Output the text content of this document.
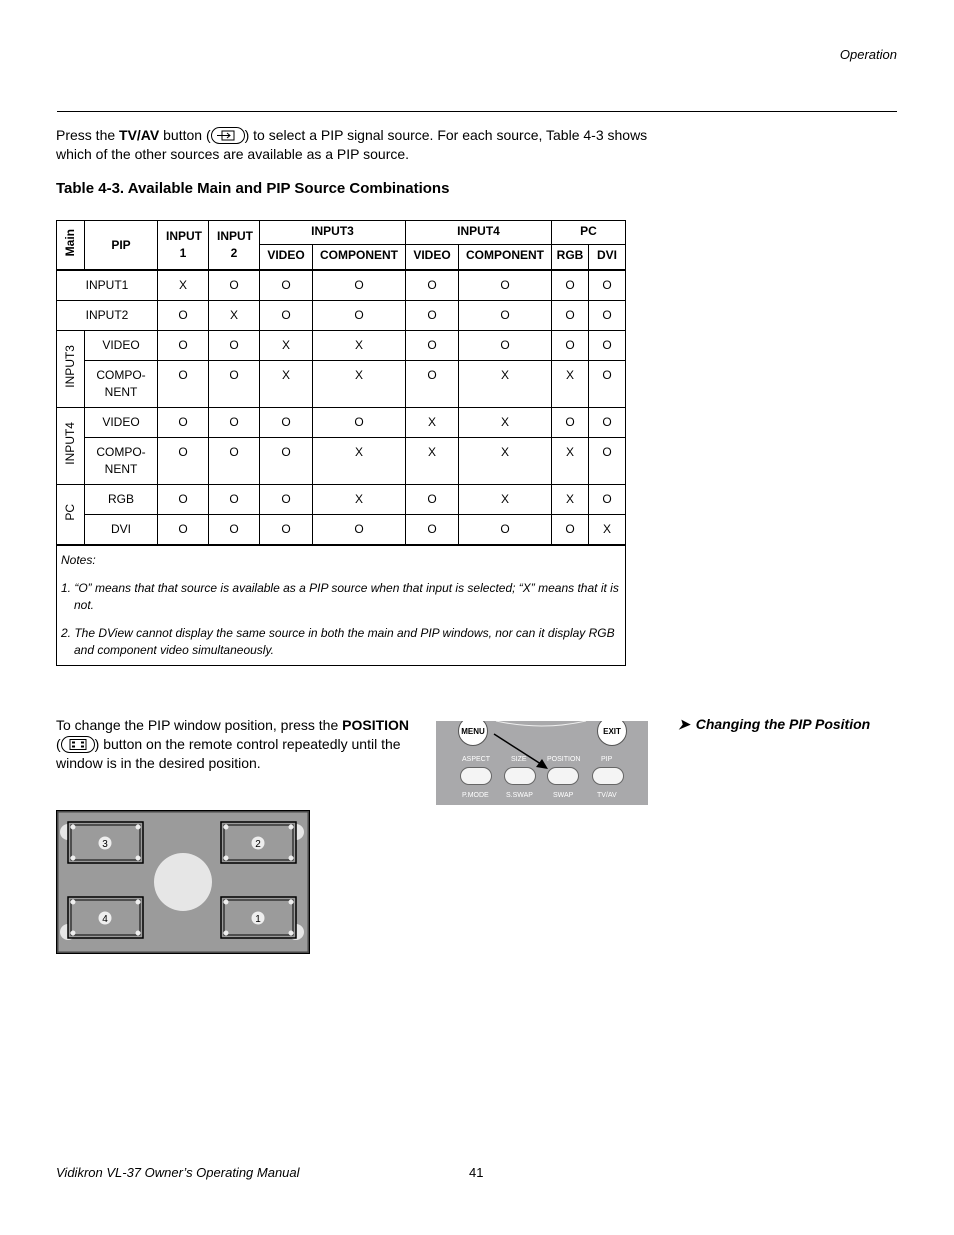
Operation
Press the TV/AV button ( ) to select a PIP signal source. For each source, Table 4-3 shows which of the other sources are available as a PIP source.
Table 4-3. Available Main and PIP Source Combinations
Main	PIP	INPUT 1	INPUT 2	INPUT3		INPUT4		PC	
				VIDEO	COMPONENT	VIDEO	COMPONENT	RGB	DVI
INPUT1		X	O	O	O	O	O	O	O
INPUT2		O	X	O	O	O	O	O	O
INPUT3	VIDEO	O	O	X	X	O	O	O	O
	COMPO-NENT	O	O	X	X	O	X	X	O
INPUT4	VIDEO	O	O	O	O	X	X	O	O
	COMPO-NENT	O	O	O	X	X	X	X	O
PC	RGB	O	O	O	X	O	X	X	O
	DVI	O	O	O	O	O	O	O	X

Notes:

1. “O” means that that source is available as a PIP source when that input is selected; “X” means that it is not.

2. The DView cannot display the same source in both the main and PIP windows, nor can it display RGB and component video simultaneously.									

To change the PIP window position, press the POSITION
( ) button on the remote control repeatedly until the window is in the desired position.
MENU	EXIT
ASPECT	SIZE	POSITION	PIP
P.MODE S.SWAP	SWAP	TV/AV
➤ Changing the PIP Position
3	2
4	1
Vidikron VL-37 Owner’s Operating Manual	41
